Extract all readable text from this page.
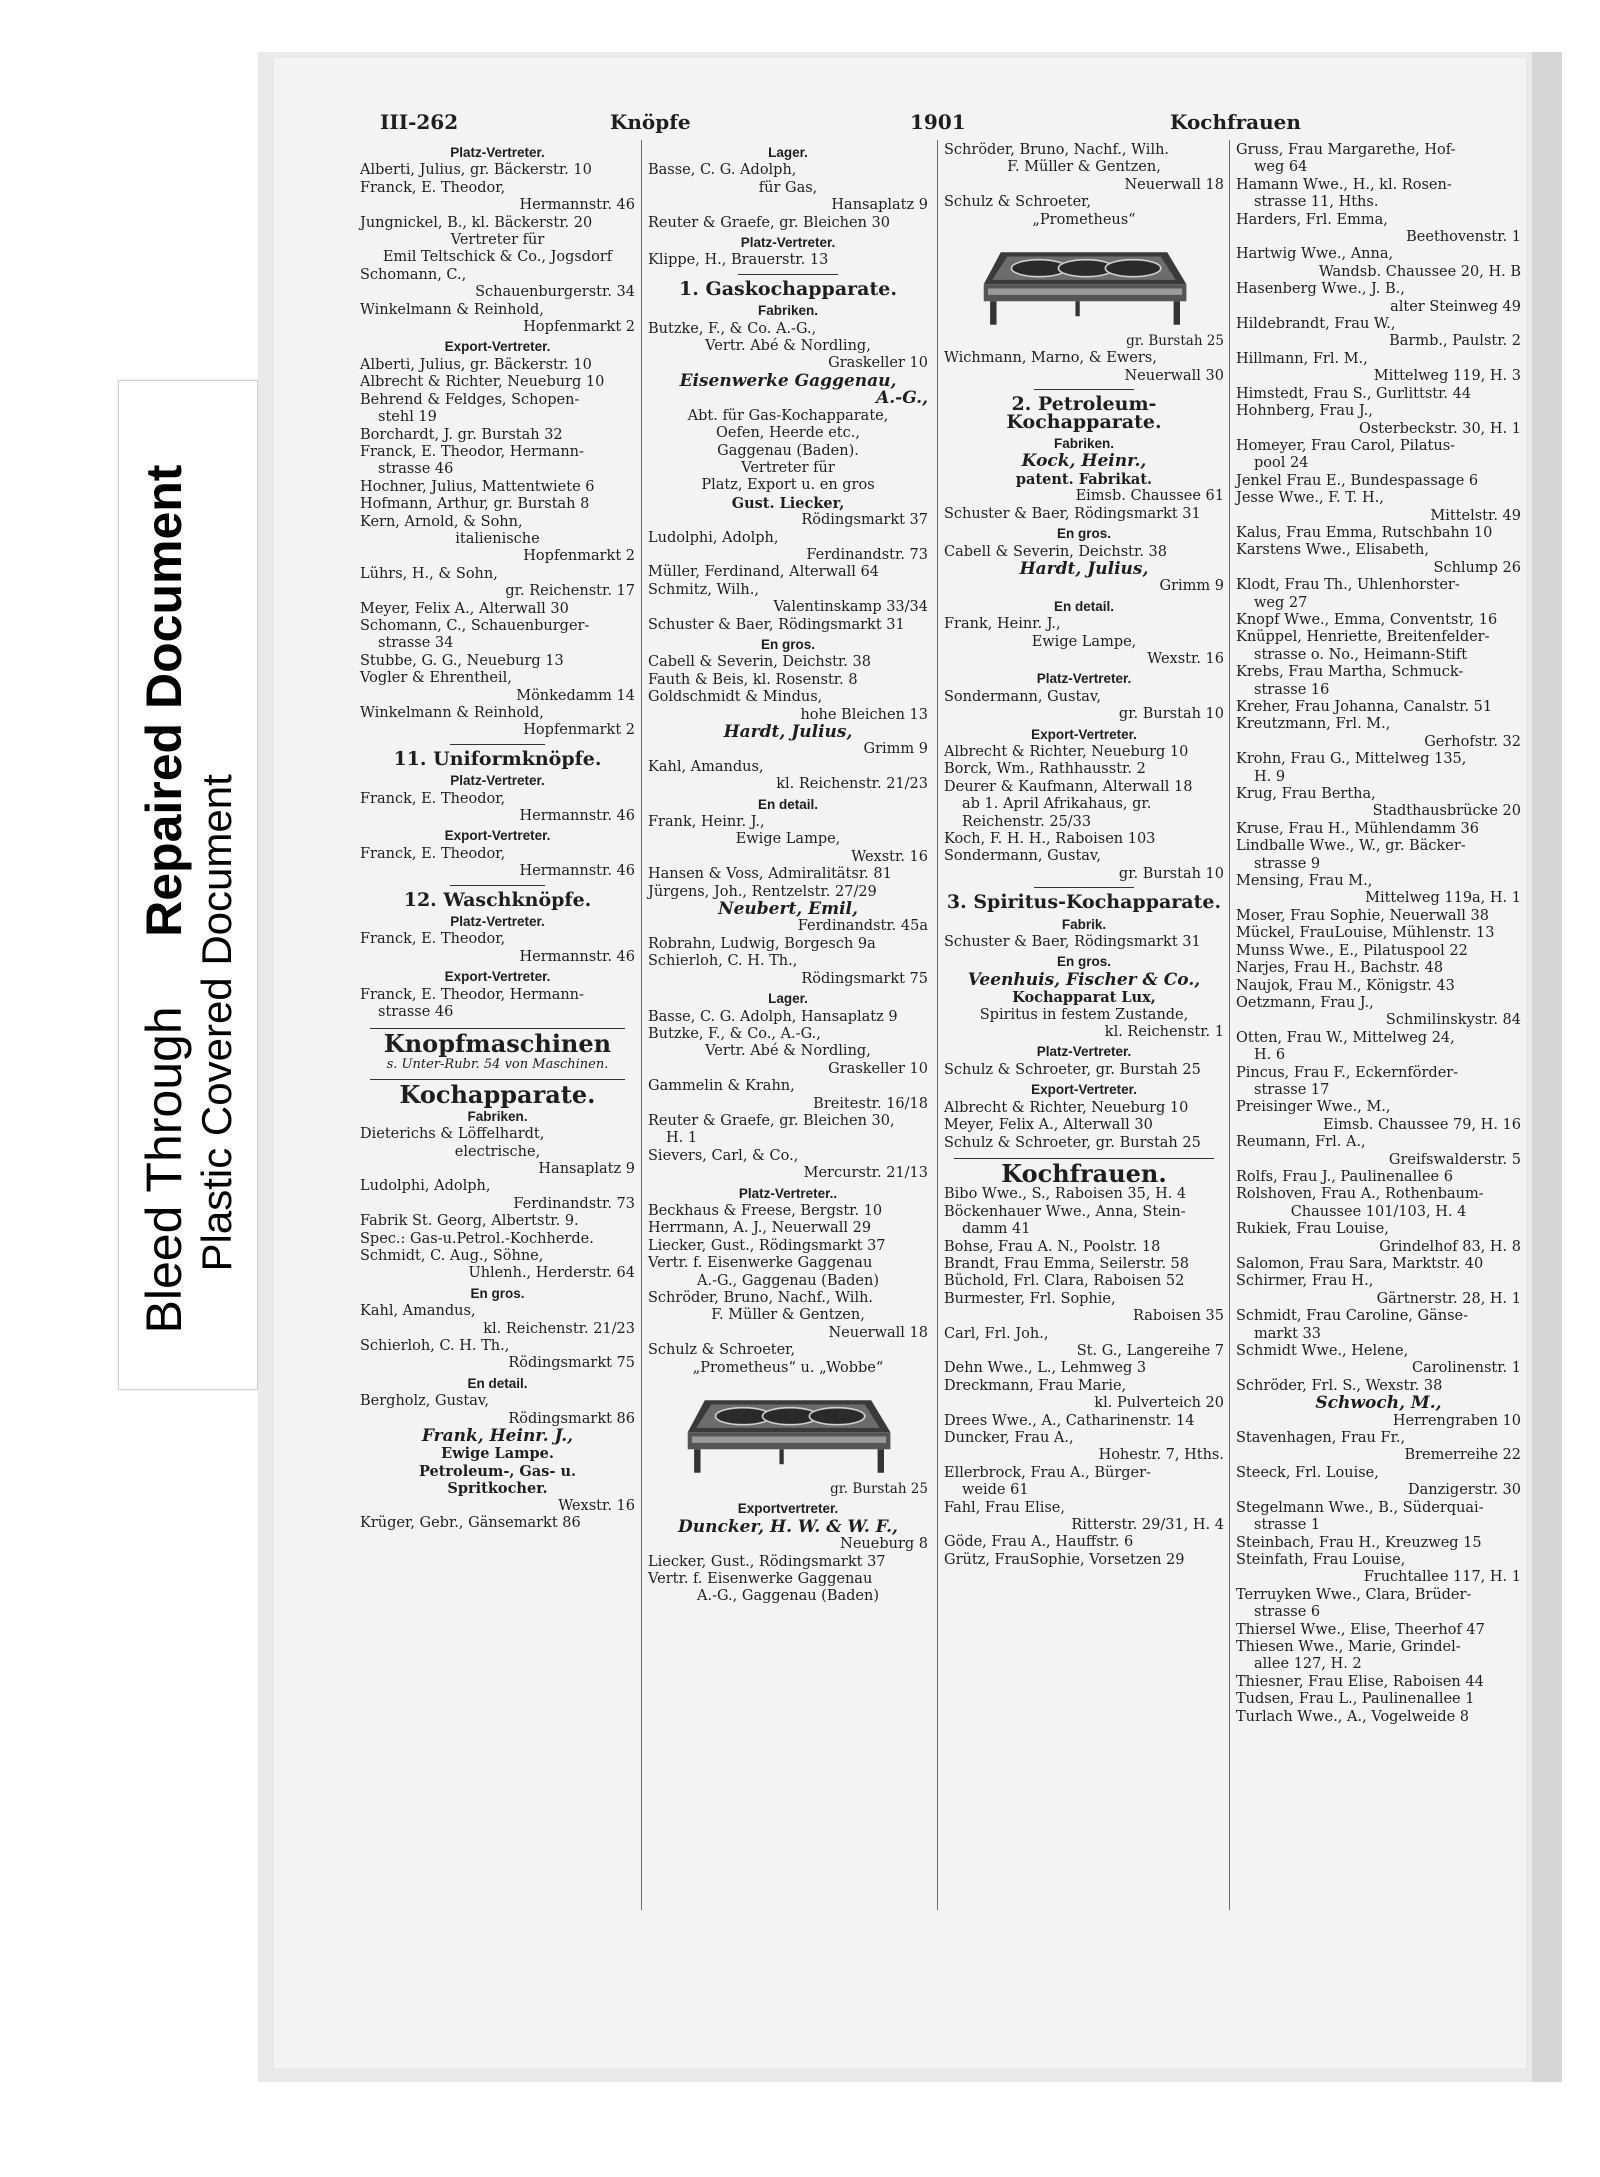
Bleed Through     Repaired Document
Plastic Covered Document
III-262	Knöpfe	1901	Kochfrauen
Platz-Vertreter.
Alberti, Julius, gr. Bäckerstr. 10
Franck, E. Theodor,
Hermannstr. 46
Jungnickel, B., kl. Bäckerstr. 20
Vertreter für
Emil Teltschick & Co., Jogsdorf
Schomann, C.,
Schauenburgerstr. 34
Winkelmann & Reinhold,
Hopfenmarkt 2
Export-Vertreter.
Alberti, Julius, gr. Bäckerstr. 10
Albrecht & Richter, Neueburg 10
Behrend & Feldges, Schopen-
stehl 19
Borchardt, J. gr. Burstah 32
Franck, E. Theodor, Hermann-
strasse 46
Hochner, Julius, Mattentwiete 6
Hofmann, Arthur, gr. Burstah 8
Kern, Arnold, & Sohn,
italienische
Hopfenmarkt 2
Lührs, H., & Sohn,
gr. Reichenstr. 17
Meyer, Felix A., Alterwall 30
Schomann, C., Schauenburger-
strasse 34
Stubbe, G. G., Neueburg 13
Vogler & Ehrentheil,
Mönkedamm 14
Winkelmann & Reinhold,
Hopfenmarkt 2
11. Uniformknöpfe.
Platz-Vertreter.
Franck, E. Theodor,
Hermannstr. 46
Export-Vertreter.
Franck, E. Theodor,
Hermannstr. 46
12. Waschknöpfe.
Platz-Vertreter.
Franck, E. Theodor,
Hermannstr. 46
Export-Vertreter.
Franck, E. Theodor, Hermann-
strasse 46
Knopfmaschinen
s. Unter-Rubr. 54 von Maschinen.
Kochapparate.
Fabriken.
Dieterichs & Löffelhardt,
electrische,
Hansaplatz 9
Ludolphi, Adolph,
Ferdinandstr. 73
Fabrik St. Georg, Albertstr. 9.
Spec.: Gas-u.Petrol.-Kochherde.
Schmidt, C. Aug., Söhne,
Uhlenh., Herderstr. 64
En gros.
Kahl, Amandus,
kl. Reichenstr. 21/23
Schierloh, C. H. Th.,
Rödingsmarkt 75
En detail.
Bergholz, Gustav,
Rödingsmarkt 86
Frank, Heinr. J.,
Ewige Lampe.
Petroleum-, Gas- u.
Spritkocher.
Wexstr. 16
Krüger, Gebr., Gänsemarkt 86
Lager.
Basse, C. G. Adolph,
für Gas,
Hansaplatz 9
Reuter & Graefe, gr. Bleichen 30
Platz-Vertreter.
Klippe, H., Brauerstr. 13
1. Gaskochapparate.
Fabriken.
Butzke, F., & Co. A.-G.,
Vertr. Abé & Nordling,
Graskeller 10
Eisenwerke Gaggenau,
A.-G.,
Abt. für Gas-Kochapparate,
Oefen, Heerde etc.,
Gaggenau (Baden).
Vertreter für
Platz, Export u. en gros
Gust. Liecker,
Rödingsmarkt 37
Ludolphi, Adolph,
Ferdinandstr. 73
Müller, Ferdinand, Alterwall 64
Schmitz, Wilh.,
Valentinskamp 33/34
Schuster & Baer, Rödingsmarkt 31
En gros.
Cabell & Severin, Deichstr. 38
Fauth & Beis, kl. Rosenstr. 8
Goldschmidt & Mindus,
hohe Bleichen 13
Hardt, Julius,
Grimm 9
Kahl, Amandus,
kl. Reichenstr. 21/23
En detail.
Frank, Heinr. J.,
Ewige Lampe,
Wexstr. 16
Hansen & Voss, Admiralitätsr. 81
Jürgens, Joh., Rentzelstr. 27/29
Neubert, Emil,
Ferdinandstr. 45a
Robrahn, Ludwig, Borgesch 9a
Schierloh, C. H. Th.,
Rödingsmarkt 75
Lager.
Basse, C. G. Adolph, Hansaplatz 9
Butzke, F., & Co., A.-G.,
Vertr. Abé & Nordling,
Graskeller 10
Gammelin & Krahn,
Breitestr. 16/18
Reuter & Graefe, gr. Bleichen 30,
H. 1
Sievers, Carl, & Co.,
Mercurstr. 21/13
Platz-Vertreter..
Beckhaus & Freese, Bergstr. 10
Herrmann, A. J., Neuerwall 29
Liecker, Gust., Rödingsmarkt 37
Vertr. f. Eisenwerke Gaggenau
A.-G., Gaggenau (Baden)
Schröder, Bruno, Nachf., Wilh.
F. Müller & Gentzen,
Neuerwall 18
Schulz & Schroeter,
„Prometheus“ u. „Wobbe“
gr. Burstah 25
Exportvertreter.
Duncker, H. W. & W. F.,
Neueburg 8
Liecker, Gust., Rödingsmarkt 37
Vertr. f. Eisenwerke Gaggenau
A.-G., Gaggenau (Baden)
Schröder, Bruno, Nachf., Wilh.
F. Müller & Gentzen,
Neuerwall 18
Schulz & Schroeter,
„Prometheus“
gr. Burstah 25
Wichmann, Marno, & Ewers,
Neuerwall 30
2. Petroleum-
Kochapparate.
Fabriken.
Kock, Heinr.,
patent. Fabrikat.
Eimsb. Chaussee 61
Schuster & Baer, Rödingsmarkt 31
En gros.
Cabell & Severin, Deichstr. 38
Hardt, Julius,
Grimm 9
En detail.
Frank, Heinr. J.,
Ewige Lampe,
Wexstr. 16
Platz-Vertreter.
Sondermann, Gustav,
gr. Burstah 10
Export-Vertreter.
Albrecht & Richter, Neueburg 10
Borck, Wm., Rathhausstr. 2
Deurer & Kaufmann, Alterwall 18
ab 1. April Afrikahaus, gr.
Reichenstr. 25/33
Koch, F. H. H., Raboisen 103
Sondermann, Gustav,
gr. Burstah 10
3. Spiritus-Kochapparate.
Fabrik.
Schuster & Baer, Rödingsmarkt 31
En gros.
Veenhuis, Fischer & Co.,
Kochapparat Lux,
Spiritus in festem Zustande,
kl. Reichenstr. 1
Platz-Vertreter.
Schulz & Schroeter, gr. Burstah 25
Export-Vertreter.
Albrecht & Richter, Neueburg 10
Meyer, Felix A., Alterwall 30
Schulz & Schroeter, gr. Burstah 25
Kochfrauen.
Bibo Wwe., S., Raboisen 35, H. 4
Böckenhauer Wwe., Anna, Stein-
damm 41
Bohse, Frau A. N., Poolstr. 18
Brandt, Frau Emma, Seilerstr. 58
Büchold, Frl. Clara, Raboisen 52
Burmester, Frl. Sophie,
Raboisen 35
Carl, Frl. Joh.,
St. G., Langereihe 7
Dehn Wwe., L., Lehmweg 3
Dreckmann, Frau Marie,
kl. Pulverteich 20
Drees Wwe., A., Catharinenstr. 14
Duncker, Frau A.,
Hohestr. 7, Hths.
Ellerbrock, Frau A., Bürger-
weide 61
Fahl, Frau Elise,
Ritterstr. 29/31, H. 4
Göde, Frau A., Hauffstr. 6
Grütz, FrauSophie, Vorsetzen 29
Gruss, Frau Margarethe, Hof-
weg 64
Hamann Wwe., H., kl. Rosen-
strasse 11, Hths.
Harders, Frl. Emma,
Beethovenstr. 1
Hartwig Wwe., Anna,
Wandsb. Chaussee 20, H. B
Hasenberg Wwe., J. B.,
alter Steinweg 49
Hildebrandt, Frau W.,
Barmb., Paulstr. 2
Hillmann, Frl. M.,
Mittelweg 119, H. 3
Himstedt, Frau S., Gurlittstr. 44
Hohnberg, Frau J.,
Osterbeckstr. 30, H. 1
Homeyer, Frau Carol, Pilatus-
pool 24
Jenkel Frau E., Bundespassage 6
Jesse Wwe., F. T. H.,
Mittelstr. 49
Kalus, Frau Emma, Rutschbahn 10
Karstens Wwe., Elisabeth,
Schlump 26
Klodt, Frau Th., Uhlenhorster-
weg 27
Knopf Wwe., Emma, Conventstr, 16
Knüppel, Henriette, Breitenfelder-
strasse o. No., Heimann-Stift
Krebs, Frau Martha, Schmuck-
strasse 16
Kreher, Frau Johanna, Canalstr. 51
Kreutzmann, Frl. M.,
Gerhofstr. 32
Krohn, Frau G., Mittelweg 135,
H. 9
Krug, Frau Bertha,
Stadthausbrücke 20
Kruse, Frau H., Mühlendamm 36
Lindballe Wwe., W., gr. Bäcker-
strasse 9
Mensing, Frau M.,
Mittelweg 119a, H. 1
Moser, Frau Sophie, Neuerwall 38
Mückel, FrauLouise, Mühlenstr. 13
Munss Wwe., E., Pilatuspool 22
Narjes, Frau H., Bachstr. 48
Naujok, Frau M., Königstr. 43
Oetzmann, Frau J.,
Schmilinskystr. 84
Otten, Frau W., Mittelweg 24,
H. 6
Pincus, Frau F., Eckernförder-
strasse 17
Preisinger Wwe., M.,
Eimsb. Chaussee 79, H. 16
Reumann, Frl. A.,
Greifswalderstr. 5
Rolfs, Frau J., Paulinenallee 6
Rolshoven, Frau A., Rothenbaum-
Chaussee 101/103, H. 4
Rukiek, Frau Louise,
Grindelhof 83, H. 8
Salomon, Frau Sara, Marktstr. 40
Schirmer, Frau H.,
Gärtnerstr. 28, H. 1
Schmidt, Frau Caroline, Gänse-
markt 33
Schmidt Wwe., Helene,
Carolinenstr. 1
Schröder, Frl. S., Wexstr. 38
Schwoch, M.,
Herrengraben 10
Stavenhagen, Frau Fr.,
Bremerreihe 22
Steeck, Frl. Louise,
Danzigerstr. 30
Stegelmann Wwe., B., Süderquai-
strasse 1
Steinbach, Frau H., Kreuzweg 15
Steinfath, Frau Louise,
Fruchtallee 117, H. 1
Terruyken Wwe., Clara, Brüder-
strasse 6
Thiersel Wwe., Elise, Theerhof 47
Thiesen Wwe., Marie, Grindel-
allee 127, H. 2
Thiesner, Frau Elise, Raboisen 44
Tudsen, Frau L., Paulinenallee 1
Turlach Wwe., A., Vogelweide 8
